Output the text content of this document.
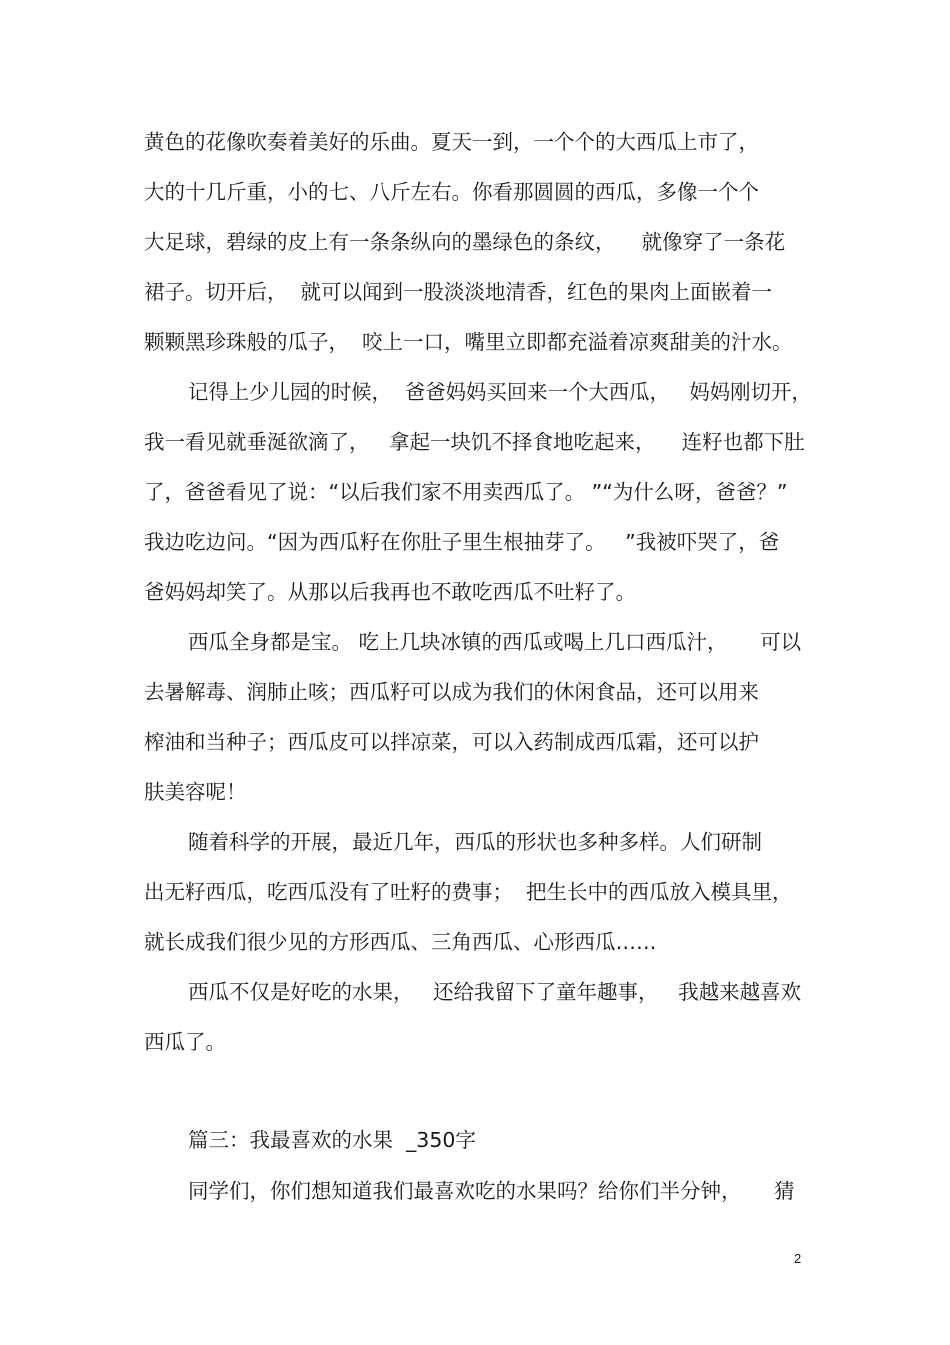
黄色的花像吹奏着美好的乐曲。夏天一到，一个个的大西瓜上市了，
大的十几斤重，小的七、八斤左右。你看那圆圆的西瓜，多像一个个
大足球，碧绿的皮上有一条条纵向的墨绿色的条纹，    就像穿了一条花
裙子。切开后，  就可以闻到一股淡淡地清香，红色的果肉上面嵌着一
颗颗黑珍珠般的瓜子，  咬上一口，嘴里立即都充溢着凉爽甜美的汁水。
记得上少儿园的时候，  爸爸妈妈买回来一个大西瓜，   妈妈刚切开，
我一看见就垂涎欲滴了，   拿起一块饥不择食地吃起来，    连籽也都下肚
了，爸爸看见了说：“以后我们家不用卖西瓜了。 ”“为什么呀，爸爸？”
我边吃边问。“因为西瓜籽在你肚子里生根抽芽了。   ”我被吓哭了，爸
爸妈妈却笑了。从那以后我再也不敢吃西瓜不吐籽了。
西瓜全身都是宝。 吃上几块冰镇的西瓜或喝上几口西瓜汁，     可以
去暑解毒、润肺止咳；西瓜籽可以成为我们的休闲食品，还可以用来
榨油和当种子；西瓜皮可以拌凉菜，可以入药制成西瓜霜，还可以护
肤美容呢！
随着科学的开展，最近几年，西瓜的形状也多种多样。人们研制
出无籽西瓜，吃西瓜没有了吐籽的费事；  把生长中的西瓜放入模具里，
就长成我们很少见的方形西瓜、三角西瓜、心形西瓜……
西瓜不仅是好吃的水果，   还给我留下了童年趣事，   我越来越喜欢
西瓜了。
篇三：我最喜欢的水果  _350字
同学们，你们想知道我们最喜欢吃的水果吗？给你们半分钟，     猜
2
